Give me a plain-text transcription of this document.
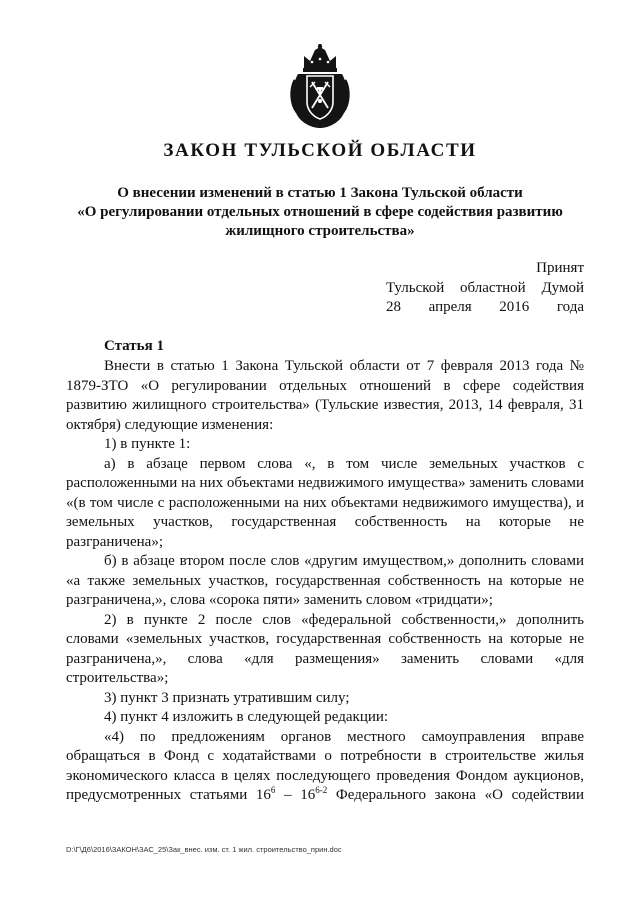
ЗАКОН ТУЛЬСКОЙ ОБЛАСТИ
О внесении изменений в статью 1 Закона Тульской области
«О регулировании отдельных отношений в сфере содействия развитию
жилищного строительства»
Принят
Тульской областной Думой
28 апреля 2016 года
Статья 1

Внести в статью 1 Закона Тульской области от 7 февраля 2013 года № 1879-ЗТО «О регулировании отдельных отношений в сфере содействия развитию жилищного строительства» (Тульские известия, 2013, 14 февраля, 31 октября) следующие изменения:

1) в пункте 1:

а) в абзаце первом слова «, в том числе земельных участков с расположенными на них объектами недвижимого имущества» заменить словами «(в том числе с расположенными на них объектами недвижимого имущества), и земельных участков, государственная собственность на которые не разграничена»;

б) в абзаце втором после слов «другим имуществом,» дополнить словами «а также земельных участков, государственная собственность на которые не разграничена,», слова «сорока пяти» заменить словом «тридцати»;

2) в пункте 2 после слов «федеральной собственности,» дополнить словами «земельных участков, государственная собственность на которые не разграничена,», слова «для размещения» заменить словами «для строительства»;

3) пункт 3 признать утратившим силу;

4) пункт 4 изложить в следующей редакции:

«4) по предложениям органов местного самоуправления вправе обращаться в Фонд с ходатайствами о потребности в строительстве жилья экономического класса в целях последующего проведения Фондом аукционов, предусмотренных статьями $16^6 - 16^{6-2}$ Федерального закона «О содействии

D:\Г\Д6\2016\ЗАКОН\ЗАС_25\Зак_внес. изм. ст. 1 жил. строительство_прин.doc
